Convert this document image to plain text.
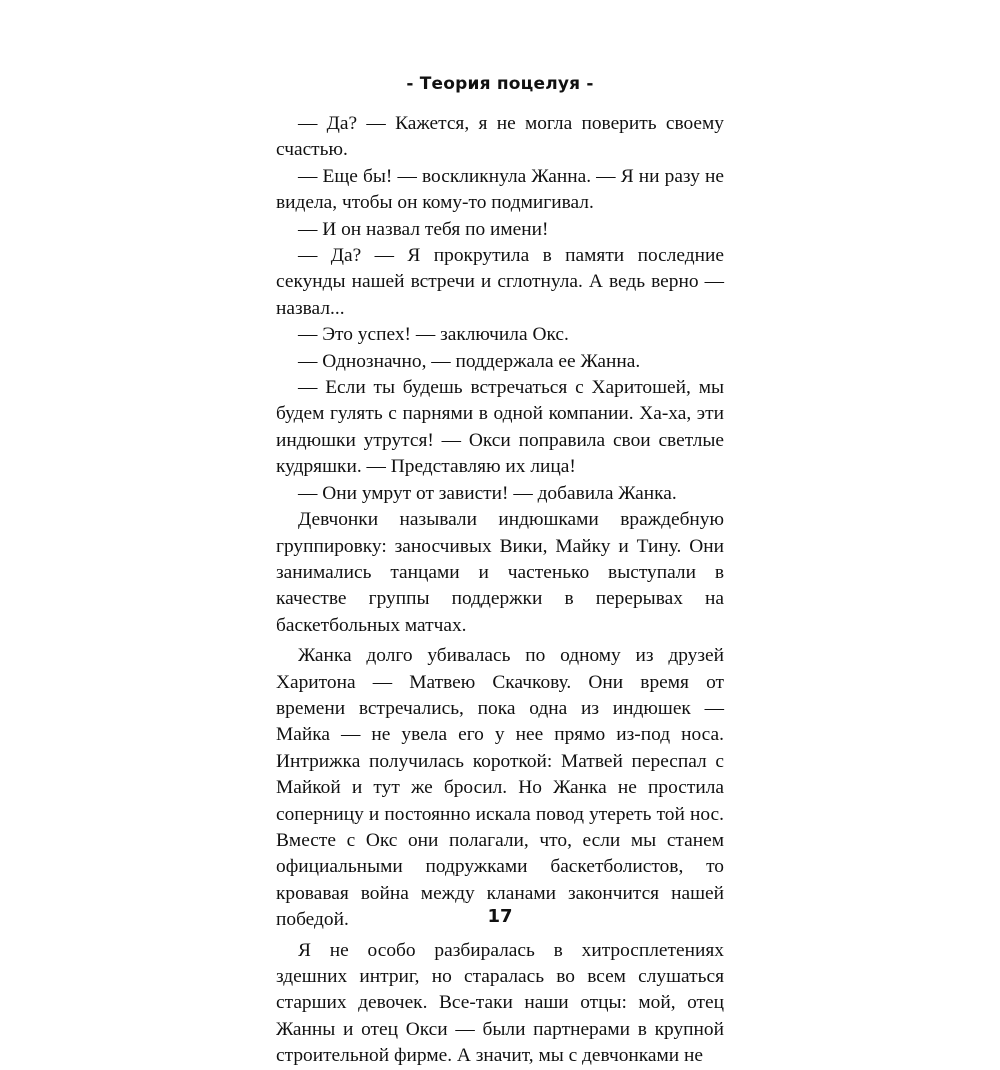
- Теория поцелуя -

— Да? — Кажется, я не могла поверить своему счастью.

— Еще бы! — воскликнула Жанна. — Я ни разу не видела, чтобы он кому-то подмигивал.

— И он назвал тебя по имени!

— Да? — Я прокрутила в памяти последние секунды нашей встречи и сглотнула. А ведь верно — назвал...

— Это успех! — заключила Окс.

— Однозначно, — поддержала ее Жанна.

— Если ты будешь встречаться с Харитошей, мы будем гулять с парнями в одной компании. Ха-ха, эти индюшки утрутся! — Окси поправила свои светлые кудряшки. — Представляю их лица!

— Они умрут от зависти! — добавила Жанка.

Девчонки называли индюшками враждебную группировку: заносчивых Вики, Майку и Тину. Они занимались танцами и частенько выступали в качестве группы поддержки в перерывах на баскетбольных матчах.

Жанка долго убивалась по одному из друзей Харитона — Матвею Скачкову. Они время от времени встречались, пока одна из индюшек — Майка — не увела его у нее прямо из-под носа. Интрижка получилась короткой: Матвей переспал с Майкой и тут же бросил. Но Жанка не простила соперницу и постоянно искала повод утереть той нос. Вместе с Окс они полагали, что, если мы станем официальными подружками баскетболистов, то кровавая война между кланами закончится нашей победой.

Я не особо разбиралась в хитросплетениях здешних интриг, но старалась во всем слушаться старших девочек. Все-таки наши отцы: мой, отец Жанны и отец Окси — были партнерами в крупной строительной фирме. А значит, мы с девчонками не

17
